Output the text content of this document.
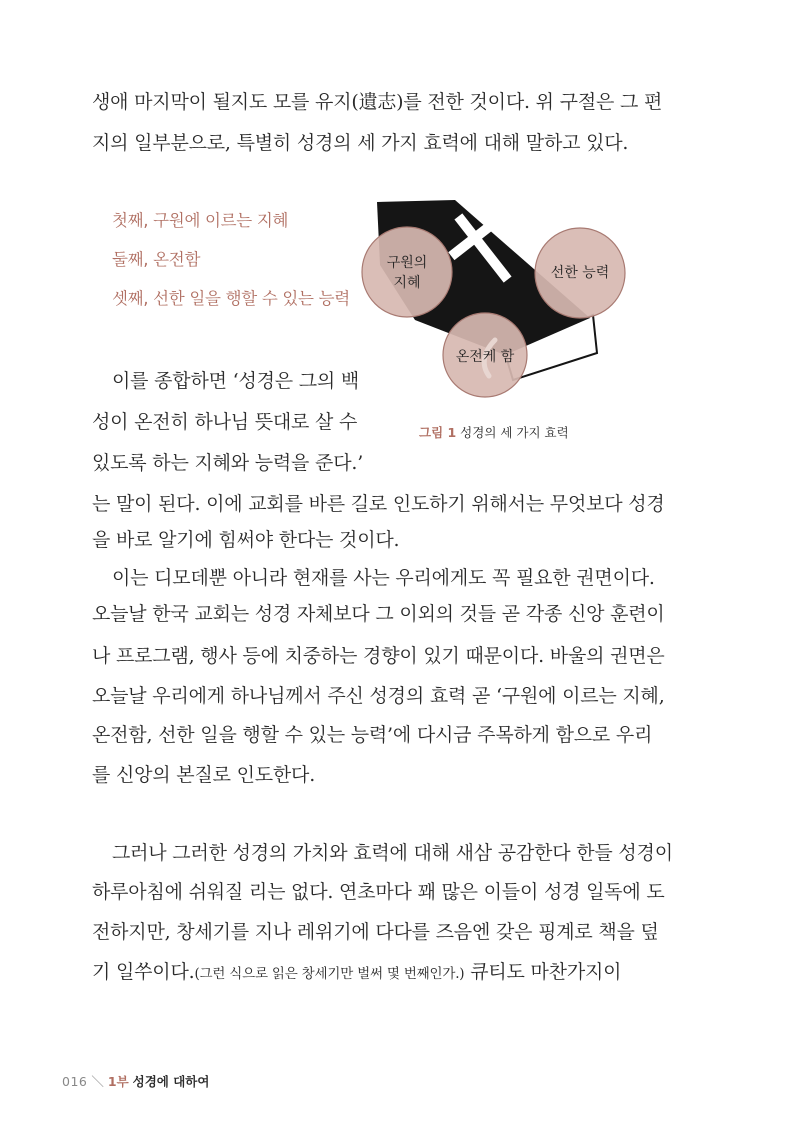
생애 마지막이 될지도 모를 유지(遺志)를 전한 것이다. 위 구절은 그 편
지의 일부분으로, 특별히 성경의 세 가지 효력에 대해 말하고 있다.
첫째, 구원에 이르는 지혜
둘째, 온전함
셋째, 선한 일을 행할 수 있는 능력
구원의
지혜
선한 능력
온전케 함
이를 종합하면 ‘성경은 그의 백
성이 온전히 하나님 뜻대로 살 수
있도록 하는 지혜와 능력을 준다.’
그림 1 성경의 세 가지 효력
는 말이 된다. 이에 교회를 바른 길로 인도하기 위해서는 무엇보다 성경
을 바로 알기에 힘써야 한다는 것이다.
이는 디모데뿐 아니라 현재를 사는 우리에게도 꼭 필요한 권면이다.
오늘날 한국 교회는 성경 자체보다 그 이외의 것들 곧 각종 신앙 훈련이
나 프로그램, 행사 등에 치중하는 경향이 있기 때문이다. 바울의 권면은
오늘날 우리에게 하나님께서 주신 성경의 효력 곧 ‘구원에 이르는 지혜,
온전함, 선한 일을 행할 수 있는 능력’에 다시금 주목하게 함으로 우리
를 신앙의 본질로 인도한다.
그러나 그러한 성경의 가치와 효력에 대해 새삼 공감한다 한들 성경이
하루아침에 쉬워질 리는 없다. 연초마다 꽤 많은 이들이 성경 일독에 도
전하지만, 창세기를 지나 레위기에 다다를 즈음엔 갖은 핑계로 책을 덮
기 일쑤이다.(그런 식으로 읽은 창세기만 벌써 몇 번째인가.) 큐티도 마찬가지이
016 ＼ 1부 성경에 대하여
